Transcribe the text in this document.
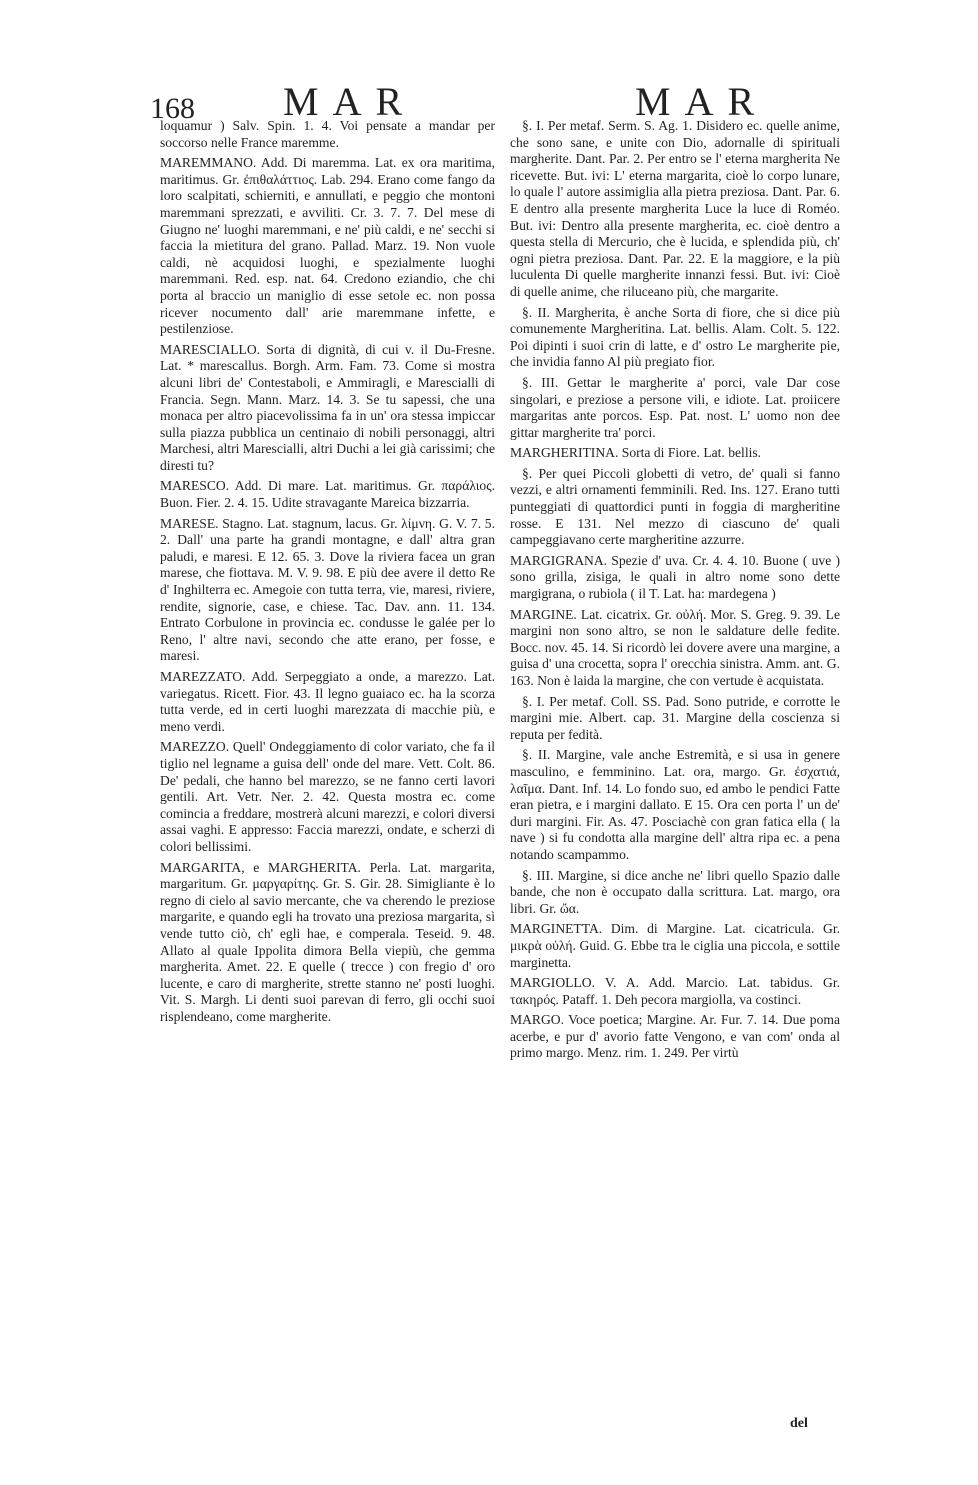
168 MAR	MAR

loquamur ) Salv. Spin. 1. 4. Voi pensate a mandar per soccorso nelle France maremme.

MAREMMANO. Add. Di maremma. Lat. ex ora maritima, maritimus. Gr. ἐπιθαλάττιος. Lab. 294. Erano come fango da loro scalpitati, schierniti, e annullati, e peggio che montoni maremmani sprezzati, e avviliti. Cr. 3. 7. 7. Del mese di Giugno ne' luoghi maremmani, e ne' più caldi, e ne' secchi si faccia la mietitura del grano. Pallad. Marz. 19. Non vuole caldi, nè acquidosi luoghi, e spezialmente luoghi maremmani. Red. esp. nat. 64. Credono eziandio, che chi porta al braccio un maniglio di esse setole ec. non possa ricever nocumento dall' arie maremmane infette, e pestilenziose.

MARESCIALLO. Sorta di dignità, di cui v. il Du-Fresne. Lat. * marescallus. Borgh. Arm. Fam. 73. Come si mostra alcuni libri de' Contestaboli, e Ammiragli, e Marescialli di Francia. Segn. Mann. Marz. 14. 3. Se tu sapessi, che una monaca per altro piacevolissima fa in un' ora stessa impiccar sulla piazza pubblica un centinaio di nobili personaggi, altri Marchesi, altri Marescialli, altri Duchi a lei già carissimi; che diresti tu?

MARESCO. Add. Di mare. Lat. maritimus. Gr. παράλιος. Buon. Fier. 2. 4. 15. Udite stravagante Mareica bizzarria.

MARESE. Stagno. Lat. stagnum, lacus. Gr. λίμνη. G. V. 7. 5. 2. Dall' una parte ha grandi montagne, e dall' altra gran paludi, e maresi. E 12. 65. 3. Dove la riviera facea un gran marese, che fiottava. M. V. 9. 98. E più dee avere il detto Re d' Inghilterra ec. Amegoie con tutta terra, vie, maresi, riviere, rendite, signorie, case, e chiese. Tac. Dav. ann. 11. 134. Entrato Corbulone in provincia ec. condusse le galée per lo Reno, l' altre navi, secondo che atte erano, per fosse, e maresi.

MAREZZATO. Add. Serpeggiato a onde, a marezzo. Lat. variegatus. Ricett. Fior. 43. Il legno guaiaco ec. ha la scorza tutta verde, ed in certi luoghi marezzata di macchie più, e meno verdi.

MAREZZO. Quell' Ondeggiamento di color variato, che fa il tiglio nel legname a guisa dell' onde del mare. Vett. Colt. 86. De' pedali, che hanno bel marezzo, se ne fanno certi lavori gentili. Art. Vetr. Ner. 2. 42. Questa mostra ec. come comincia a freddare, mostrerà alcuni marezzi, e colori diversi assai vaghi. E appresso: Faccia marezzi, ondate, e scherzi di colori bellissimi.

MARGARITA, e MARGHERITA. Perla. Lat. margarita, margaritum. Gr. μαργαρίτης. Gr. S. Gir. 28. Simigliante è lo regno di cielo al savio mercante, che va cherendo le preziose margarite, e quando egli ha trovato una preziosa margarita, sì vende tutto ciò, ch' egli hae, e comperala. Teseid. 9. 48. Allato al quale Ippolita dimora Bella viepiù, che gemma margherita. Amet. 22. E quelle ( trecce ) con fregio d' oro lucente, e caro di margherite, strette stanno ne' posti luoghi. Vit. S. Margh. Li denti suoi parevan di ferro, gli occhi suoi risplendeano, come margherite.

§. I. Per metaf. Serm. S. Ag. 1. Disidero ec. quelle anime, che sono sane, e unite con Dio, adornalle di spirituali margherite. Dant. Par. 2. Per entro se l' eterna margherita Ne ricevette. But. ivi: L' eterna margarita, cioè lo corpo lunare, lo quale l' autore assimiglia alla pietra preziosa. Dant. Par. 6. E dentro alla presente margherita Luce la luce di Roméo. But. ivi: Dentro alla presente margherita, ec. cioè dentro a questa stella di Mercurio, che è lucida, e splendida più, ch' ogni pietra preziosa. Dant. Par. 22. E la maggiore, e la più luculenta Di quelle margherite innanzi fessi. But. ivi: Cioè di quelle anime, che riluceano più, che margarite.

§. II. Margherita, è anche Sorta di fiore, che si dice più comunemente Margheritina. Lat. bellis. Alam. Colt. 5. 122. Poi dipinti i suoi crin di latte, e d' ostro Le margherite pie, che invidia fanno Al più pregiato fior.

§. III. Gettar le margherite a' porci, vale Dar cose singolari, e preziose a persone vili, e idiote. Lat. proiicere margaritas ante porcos. Esp. Pat. nost. L' uomo non dee gittar margherite tra' porci.

MARGHERITINA. Sorta di Fiore. Lat. bellis.

§. Per quei Piccoli globetti di vetro, de' quali si fanno vezzi, e altri ornamenti femminili. Red. Ins. 127. Erano tutti punteggiati di quattordici punti in foggia di margheritine rosse. E 131. Nel mezzo di ciascuno de' quali campeggiavano certe margheritine azzurre.

MARGIGRANA. Spezie d' uva. Cr. 4. 4. 10. Buone ( uve ) sono grilla, zisiga, le quali in altro nome sono dette margigrana, o rubiola ( il T. Lat. ha: mardegena )

MARGINE. Lat. cicatrix. Gr. οὐλή. Mor. S. Greg. 9. 39. Le margini non sono altro, se non le saldature delle fedite. Bocc. nov. 45. 14. Si ricordò lei dovere avere una margine, a guisa d' una crocetta, sopra l' orecchia sinistra. Amm. ant. G. 163. Non è laida la margine, che con vertude è acquistata.

§. I. Per metaf. Coll. SS. Pad. Sono putride, e corrotte le margini mie. Albert. cap. 31. Margine della coscienza si reputa per fedità.

§. II. Margine, vale anche Estremità, e si usa in genere masculino, e femminino. Lat. ora, margo. Gr. ἐσχατιά, λαῖμα. Dant. Inf. 14. Lo fondo suo, ed ambo le pendici Fatte eran pietra, e i margini dallato. E 15. Ora cen porta l' un de' duri margini. Fir. As. 47. Posciachè con gran fatica ella ( la nave ) si fu condotta alla margine dell' altra ripa ec. a pena notando scampammo.

§. III. Margine, si dice anche ne' libri quello Spazio dalle bande, che non è occupato dalla scrittura. Lat. margo, ora libri. Gr. ὤα.

MARGINETTA. Dim. di Margine. Lat. cicatricula. Gr. μικρὰ οὐλή. Guid. G. Ebbe tra le ciglia una piccola, e sottile marginetta.

MARGIOLLO. V. A. Add. Marcio. Lat. tabidus. Gr. τακηρός. Pataff. 1. Deh pecora margiolla, va costinci.

MARGO. Voce poetica; Margine. Ar. Fur. 7. 14. Due poma acerbe, e pur d' avorio fatte Vengono, e van com' onda al primo margo. Menz. rim. 1. 249. Per virtù

del
